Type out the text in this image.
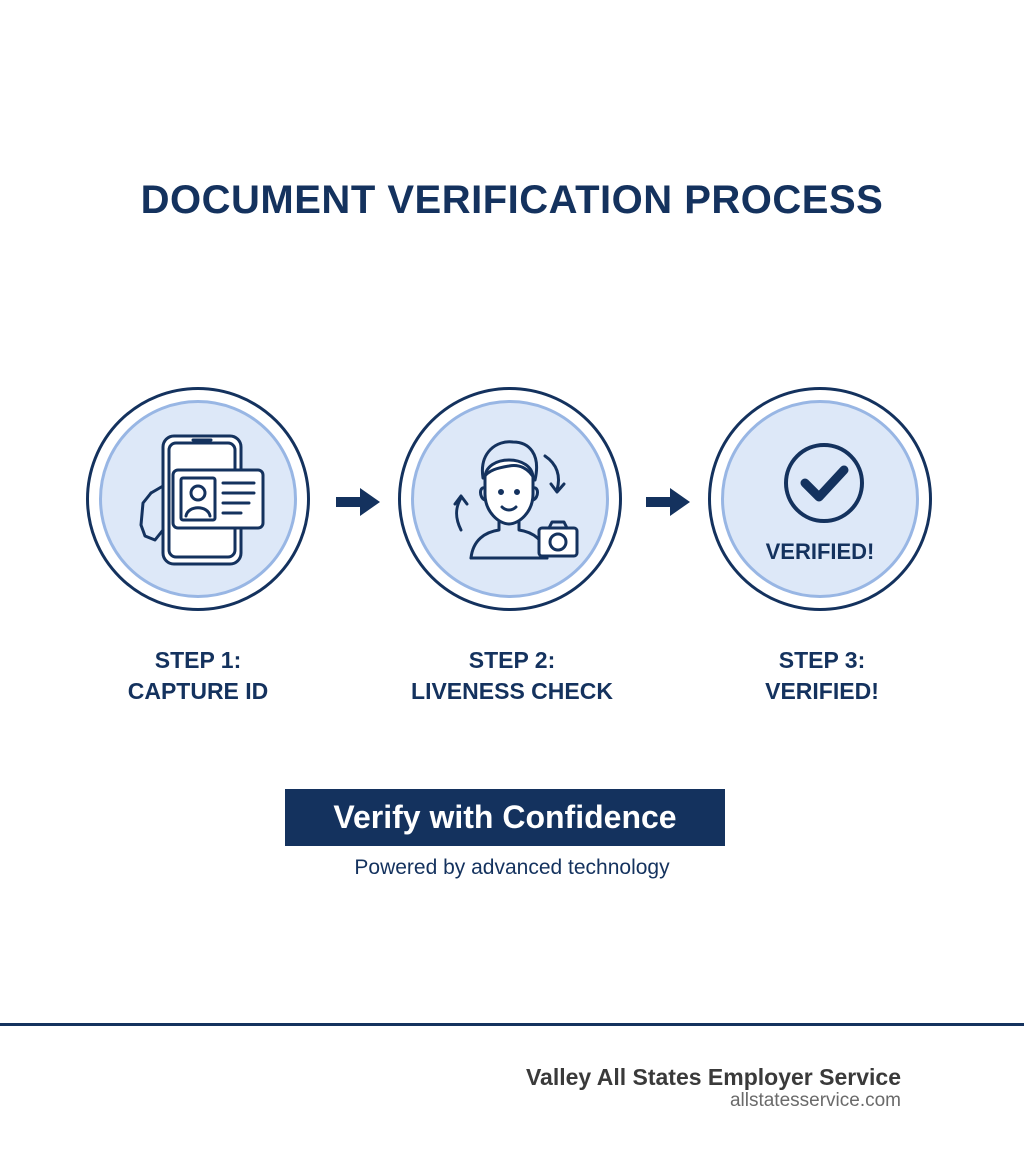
DOCUMENT VERIFICATION PROCESS
VERIFIED!
STEP 1:
CAPTURE ID
STEP 2:
LIVENESS CHECK
STEP 3:
VERIFIED!
Verify with Confidence
Powered by advanced technology
Valley All States Employer Service
allstatesservice.com
